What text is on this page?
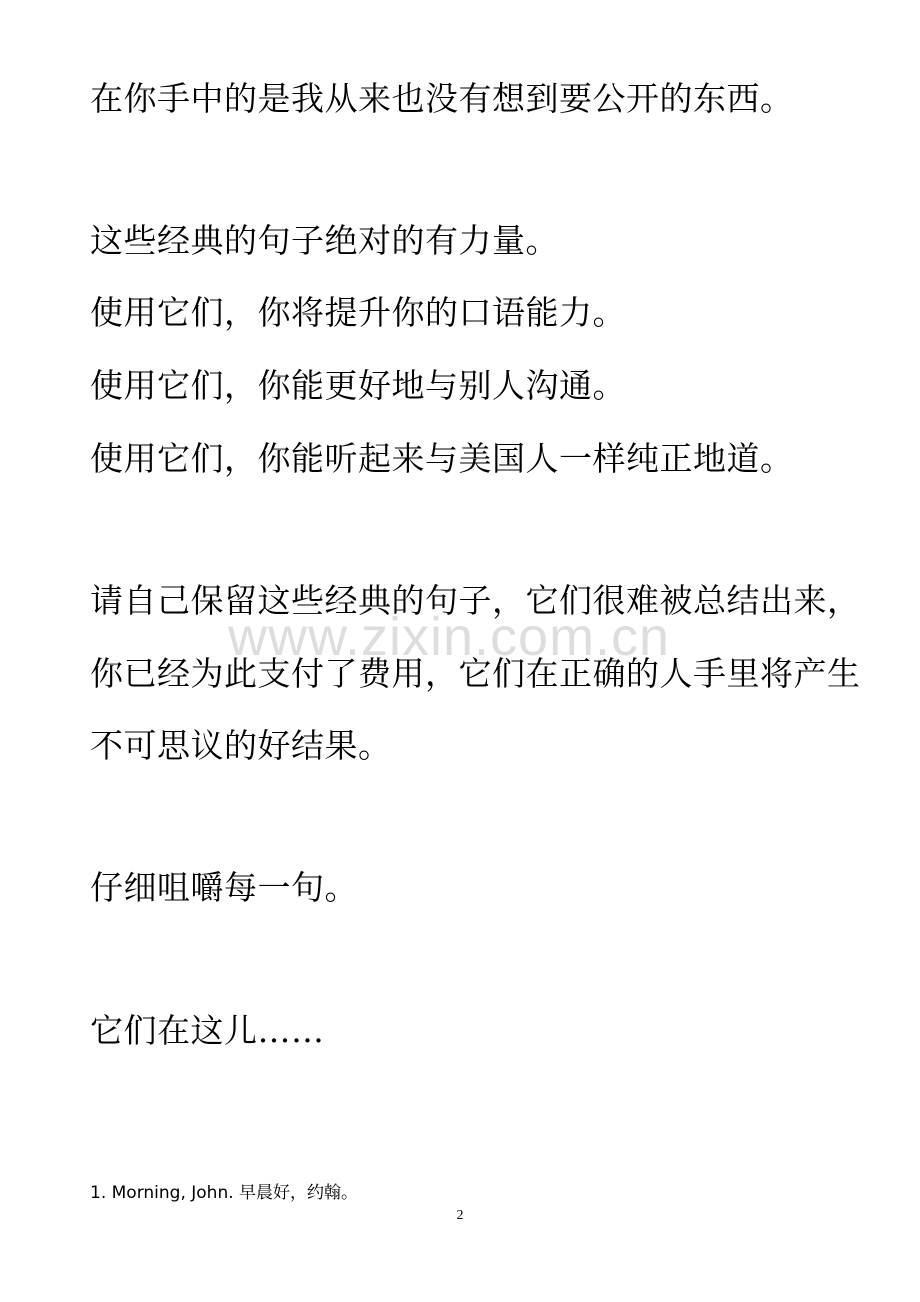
在你手中的是我从来也没有想到要公开的东西。
这些经典的句子绝对的有力量。
使用它们，你将提升你的口语能力。
使用它们，你能更好地与别人沟通。
使用它们，你能听起来与美国人一样纯正地道。
请自己保留这些经典的句子，它们很难被总结出来，
你已经为此支付了费用，它们在正确的人手里将产生
不可思议的好结果。
仔细咀嚼每一句。
它们在这儿……
1. Morning, John. 早晨好，约翰。
2
www.zixin.com.cn
